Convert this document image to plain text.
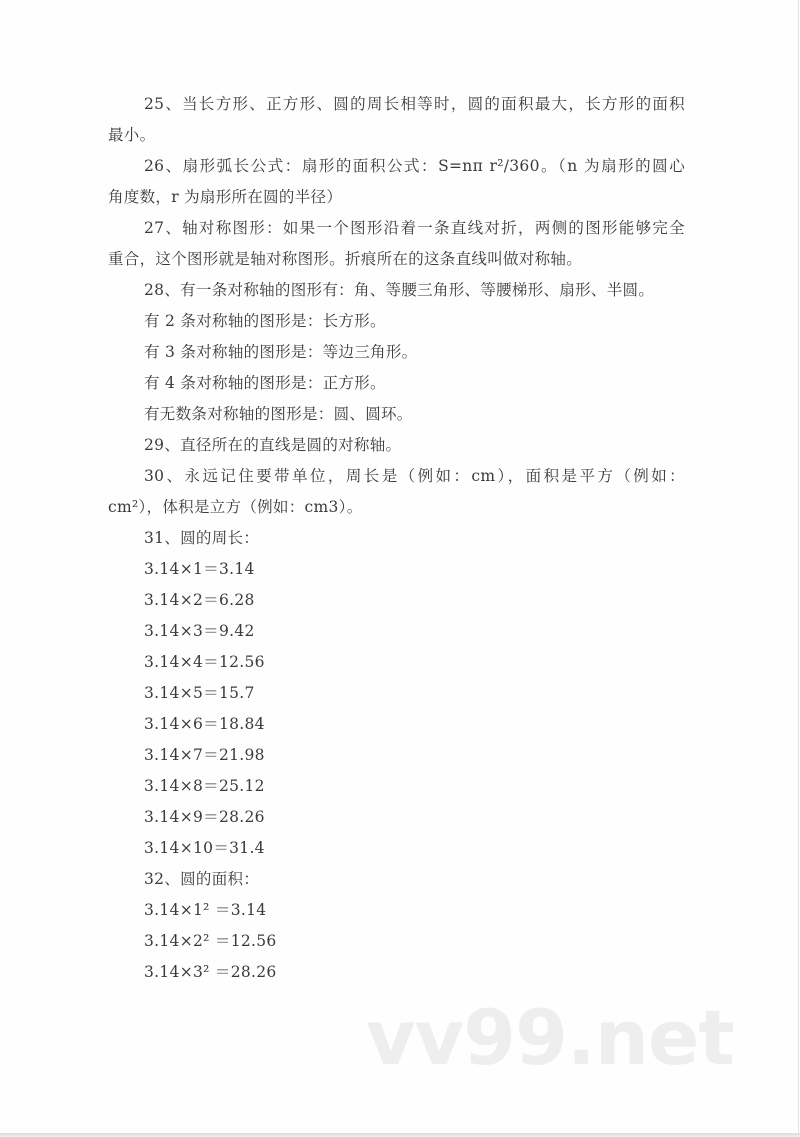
25、当长方形、正方形、圆的周长相等时，圆的面积最大，长方形的面积
最小。
26、扇形弧长公式：扇形的面积公式：S=nπ r²/360。（n 为扇形的圆心
角度数，r 为扇形所在圆的半径）
27、轴对称图形：如果一个图形沿着一条直线对折，两侧的图形能够完全
重合，这个图形就是轴对称图形。折痕所在的这条直线叫做对称轴。
28、有一条对称轴的图形有：角、等腰三角形、等腰梯形、扇形、半圆。
有 2 条对称轴的图形是：长方形。
有 3 条对称轴的图形是：等边三角形。
有 4 条对称轴的图形是：正方形。
有无数条对称轴的图形是：圆、圆环。
29、直径所在的直线是圆的对称轴。
30、永远记住要带单位，周长是（例如：cm），面积是平方（例如：
cm²），体积是立方（例如：cm3）。
31、圆的周长：
3.14×1＝3.14
3.14×2＝6.28
3.14×3＝9.42
3.14×4＝12.56
3.14×5＝15.7
3.14×6＝18.84
3.14×7＝21.98
3.14×8＝25.12
3.14×9＝28.26
3.14×10＝31.4
32、圆的面积：
3.14×1² ＝3.14
3.14×2² ＝12.56
3.14×3² ＝28.26
vv99.net
